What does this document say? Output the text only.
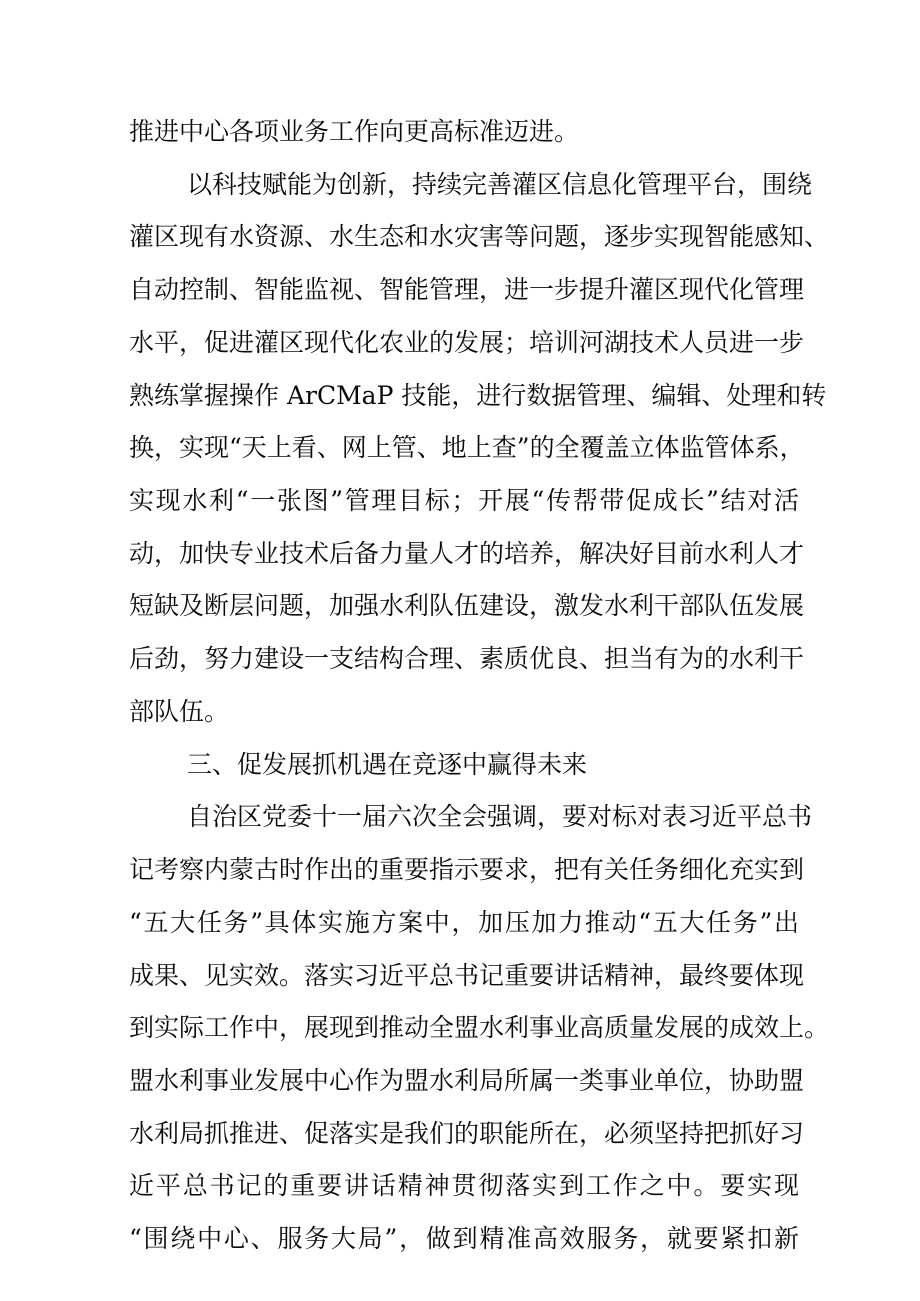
推进中心各项业务工作向更高标准迈进。
以科技赋能为创新，持续完善灌区信息化管理平台，围绕
灌区现有水资源、水生态和水灾害等问题，逐步实现智能感知、
自动控制、智能监视、智能管理，进一步提升灌区现代化管理
水平，促进灌区现代化农业的发展；培训河湖技术人员进一步
熟练掌握操作 ArCMaP 技能，进行数据管理、编辑、处理和转
换，实现“天上看、网上管、地上查”的全覆盖立体监管体系，
实现水利“一张图”管理目标；开展“传帮带促成长”结对活
动，加快专业技术后备力量人才的培养，解决好目前水利人才
短缺及断层问题，加强水利队伍建设，激发水利干部队伍发展
后劲，努力建设一支结构合理、素质优良、担当有为的水利干
部队伍。
三、促发展抓机遇在竞逐中赢得未来
自治区党委十一届六次全会强调，要对标对表习近平总书
记考察内蒙古时作出的重要指示要求，把有关任务细化充实到
“五大任务”具体实施方案中，加压加力推动“五大任务”出
成果、见实效。落实习近平总书记重要讲话精神，最终要体现
到实际工作中，展现到推动全盟水利事业高质量发展的成效上。
盟水利事业发展中心作为盟水利局所属一类事业单位，协助盟
水利局抓推进、促落实是我们的职能所在，必须坚持把抓好习
近平总书记的重要讲话精神贯彻落实到工作之中。要实现
“围绕中心、服务大局”，做到精准高效服务，就要紧扣新
